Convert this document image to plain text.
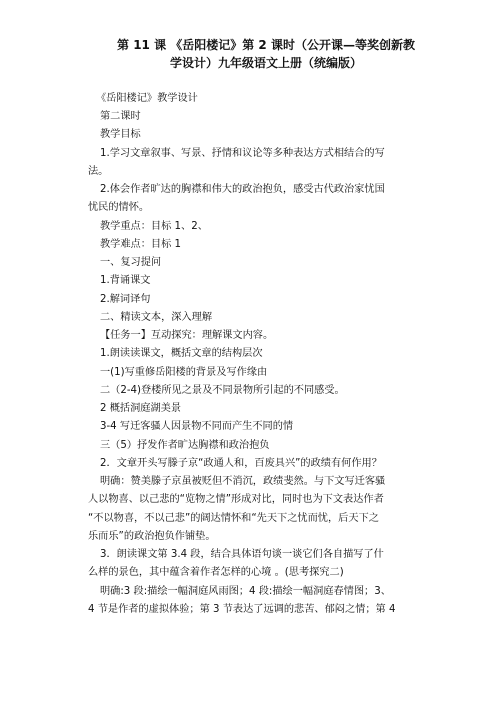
第 11 课 《岳阳楼记》第 2 课时（公开课—等奖创新教
学设计）九年级语文上册（统编版）
《岳阳楼记》教学设计
第二课时
教学目标
1.学习文章叙事、写景、抒情和议论等多种表达方式相结合的写
法。
2.体会作者旷达的胸襟和伟大的政治抱负，感受古代政治家忧国
忧民的情怀。
教学重点：目标 1、2、
教学难点：目标 1
一、复习提问
1.背诵课文
2.解词译句
二、精读文本，深入理解
【任务一】互动探究：理解课文内容。
1.朗读读课文，概括文章的结构层次
一(1)写重修岳阳楼的背景及写作缘由
二（2-4)登楼所见之景及不同景物所引起的不同感受。
2 概括洞庭湖美景
3-4 写迁客骚人因景物不同而产生不同的情
三（5）抒发作者旷达胸襟和政治抱负
2．文章开头写滕子京“政通人和，百废具兴”的政绩有何作用？
明确：赞美滕子京虽被贬但不消沉，政绩斐然。与下文写迁客骚
人以物喜、以己悲的“览物之情”形成对比，同时也为下文表达作者
“不以物喜，不以己悲”的阔达情怀和“先天下之忧而忧，后天下之
乐而乐”的政治抱负作铺垫。
3．朗读课文第 3.4 段，结合具体语句谈一谈它们各自描写了什
么样的景色，其中蕴含着作者怎样的心境 。(思考探究二)
明确:3 段:描绘一幅洞庭风雨图；4 段:描绘一幅洞庭春情图；3、
4 节是作者的虚拟体验；第 3 节表达了远调的悲苦、郁闷之情；第 4
